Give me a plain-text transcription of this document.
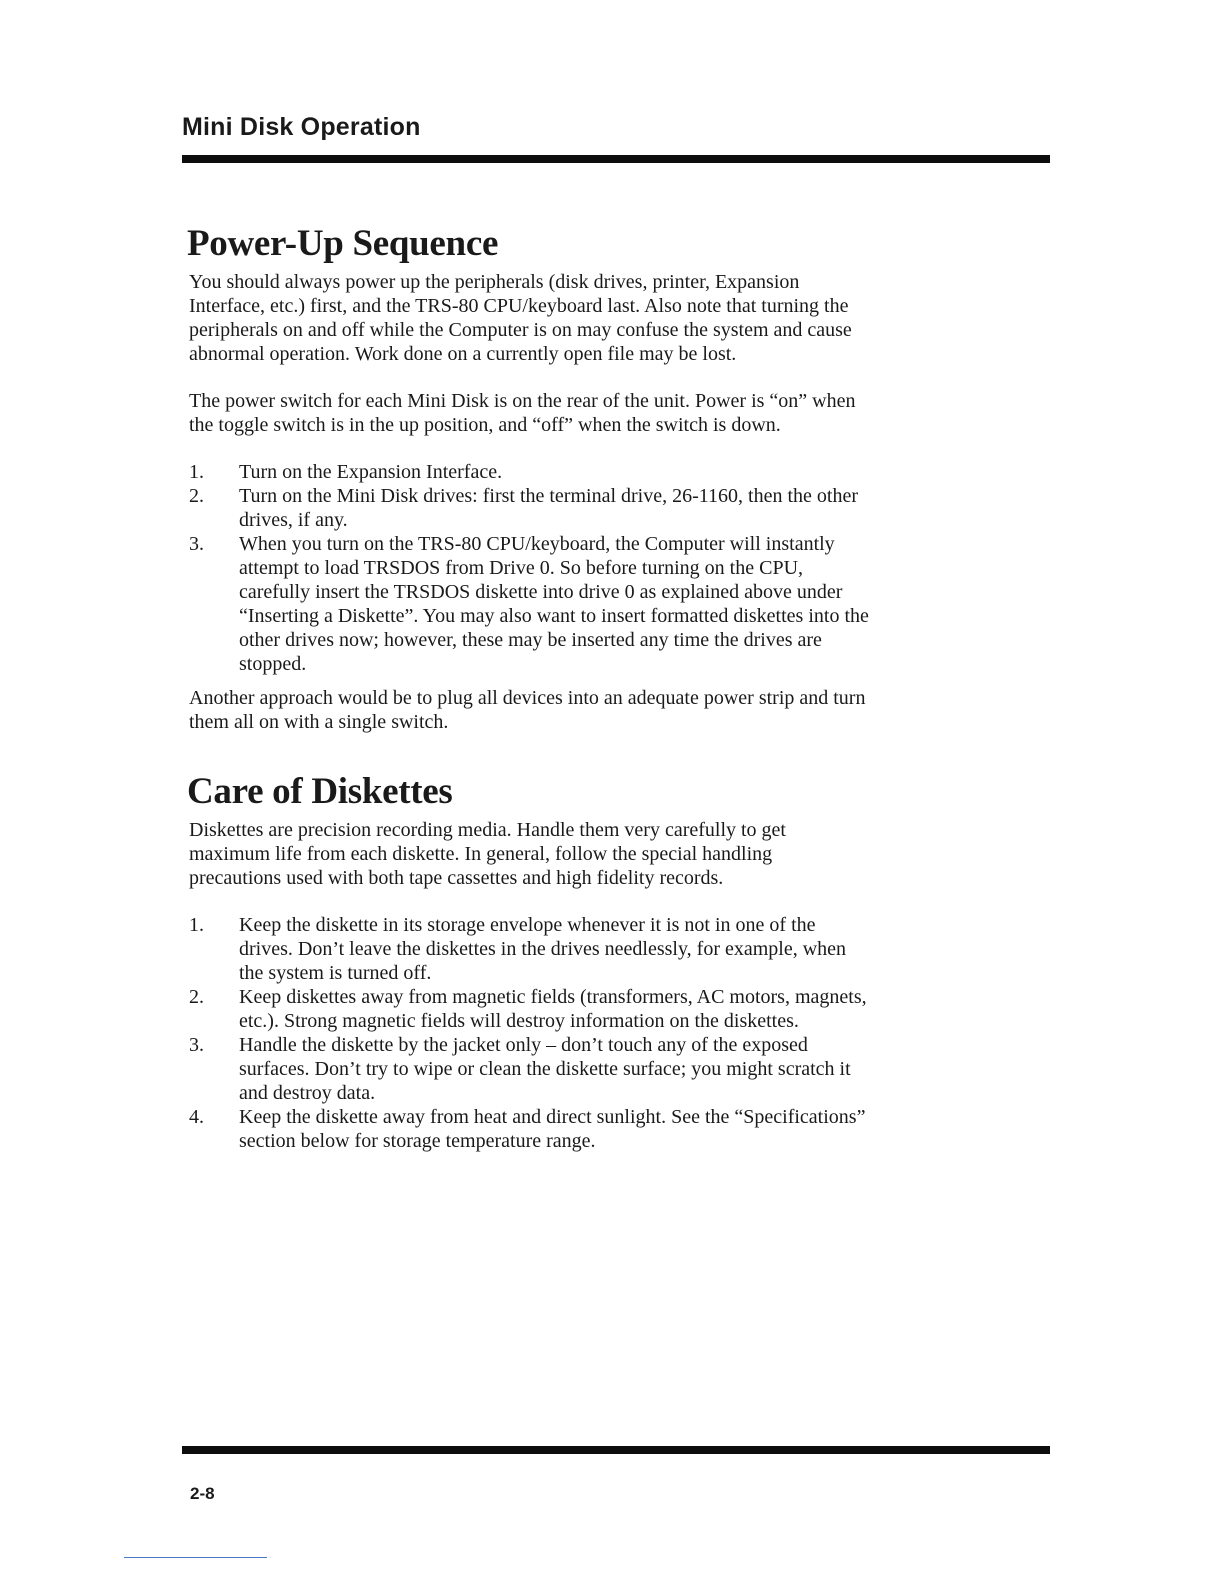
Mini Disk Operation
Power-Up Sequence

You should always power up the peripherals (disk drives, printer, Expansion Interface, etc.) first, and the TRS-80 CPU/keyboard last. Also note that turning the peripherals on and off while the Computer is on may confuse the system and cause abnormal operation. Work done on a currently open file may be lost.

The power switch for each Mini Disk is on the rear of the unit. Power is “on” when the toggle switch is in the up position, and “off” when the switch is down.

1. Turn on the Expansion Interface.
2. Turn on the Mini Disk drives: first the terminal drive, 26-1160, then the other drives, if any.
3. When you turn on the TRS-80 CPU/keyboard, the Computer will instantly attempt to load TRSDOS from Drive 0. So before turning on the CPU, carefully insert the TRSDOS diskette into drive 0 as explained above under “Inserting a Diskette”. You may also want to insert formatted diskettes into the other drives now; however, these may be inserted any time the drives are stopped.

Another approach would be to plug all devices into an adequate power strip and turn them all on with a single switch.

Care of Diskettes

Diskettes are precision recording media. Handle them very carefully to get maximum life from each diskette. In general, follow the special handling precautions used with both tape cassettes and high fidelity records.

1. Keep the diskette in its storage envelope whenever it is not in one of the drives. Don’t leave the diskettes in the drives needlessly, for example, when the system is turned off.
2. Keep diskettes away from magnetic fields (transformers, AC motors, magnets, etc.). Strong magnetic fields will destroy information on the diskettes.
3. Handle the diskette by the jacket only – don’t touch any of the exposed surfaces. Don’t try to wipe or clean the diskette surface; you might scratch it and destroy data.
4. Keep the diskette away from heat and direct sunlight. See the “Specifications” section below for storage temperature range.

2-8
